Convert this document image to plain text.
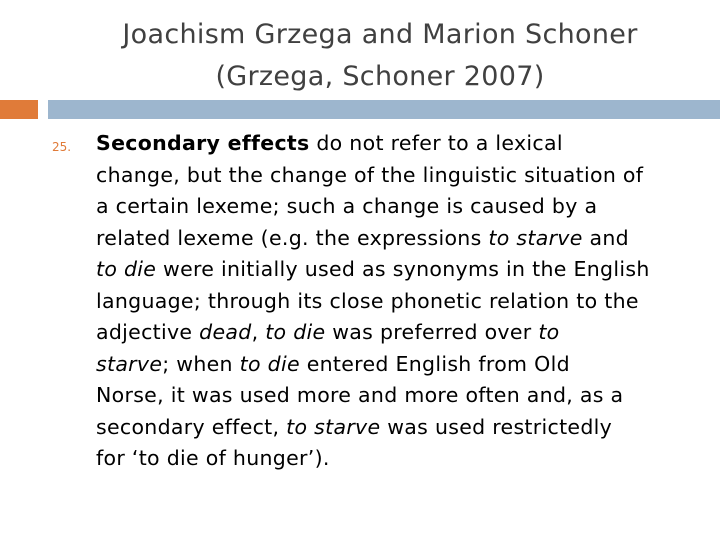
Joachism Grzega and Marion Schoner
(Grzega, Schoner 2007)
25. Secondary effects do not refer to a lexical
change, but the change of the linguistic situation of
a certain lexeme; such a change is caused by a
related lexeme (e.g. the expressions to starve and
to die were initially used as synonyms in the English
language; through its close phonetic relation to the
adjective dead, to die was preferred over to
starve; when to die entered English from Old
Norse, it was used more and more often and, as a
secondary effect, to starve was used restrictedly
for ‘to die of hunger’).
